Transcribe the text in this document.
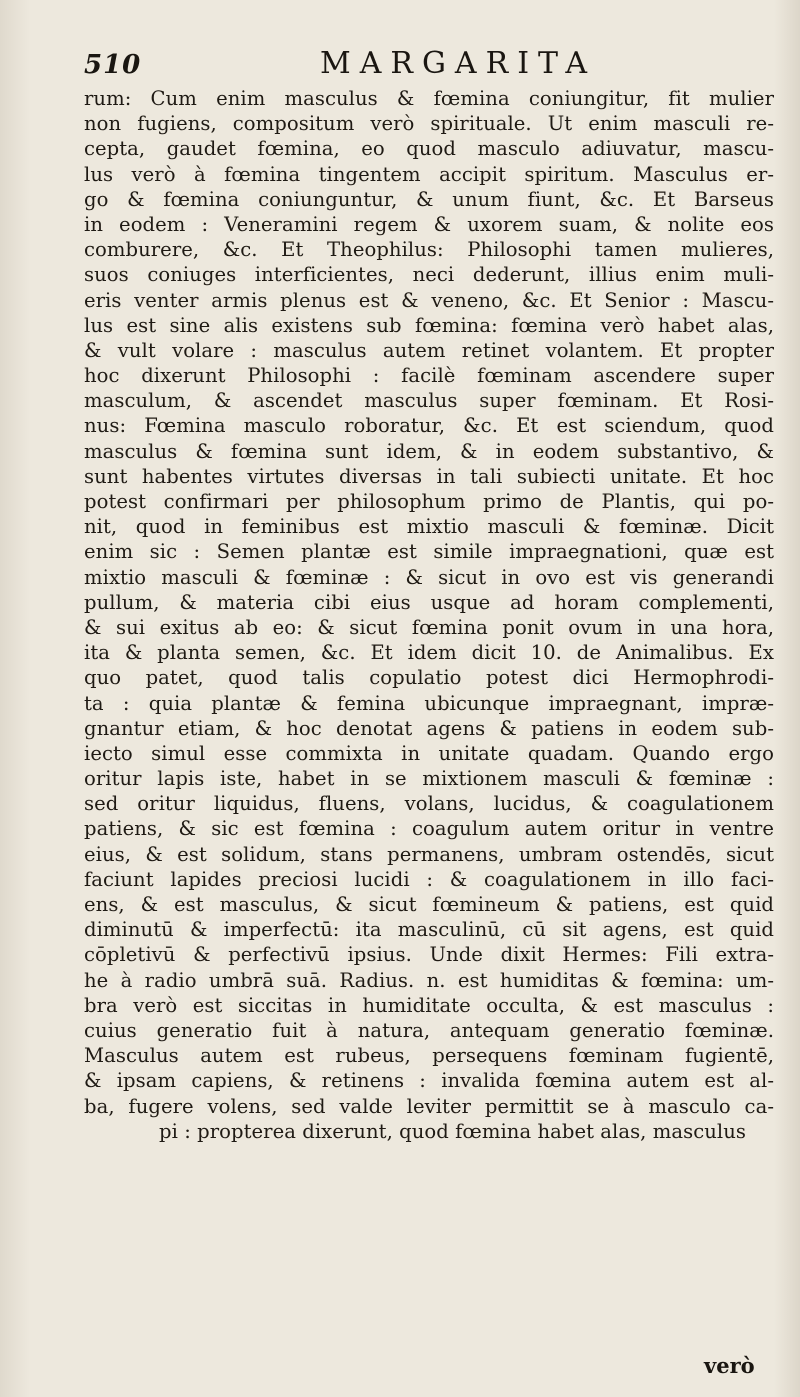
510	MARGARITA
rum: Cum enim masculus & fœmina coniungitur, fit mulier
non fugiens, compositum verò spirituale. Ut enim masculi re-
cepta, gaudet fœmina, eo quod masculo adiuvatur, mascu-
lus verò à fœmina tingentem accipit spiritum. Masculus er-
go & fœmina coniunguntur, & unum fiunt, &c. Et Barseus
in eodem : Veneramini regem & uxorem suam, & nolite eos
comburere, &c. Et Theophilus: Philosophi tamen mulieres,
suos coniuges interficientes, neci dederunt, illius enim muli-
eris venter armis plenus est & veneno, &c. Et Senior : Mascu-
lus est sine alis existens sub fœmina: fœmina verò habet alas,
& vult volare : masculus autem retinet volantem. Et propter
hoc dixerunt Philosophi : facilè fœminam ascendere super
masculum, & ascendet masculus super fœminam. Et Rosi-
nus: Fœmina masculo roboratur, &c. Et est sciendum, quod
masculus & fœmina sunt idem, & in eodem substantivo, &
sunt habentes virtutes diversas in tali subiecti unitate. Et hoc
potest confirmari per philosophum primo de Plantis, qui po-
nit, quod in feminibus est mixtio masculi & fœminæ. Dicit
enim sic : Semen plantæ est simile impraegnationi, quæ est
mixtio masculi & fœminæ : & sicut in ovo est vis generandi
pullum, & materia cibi eius usque ad horam complementi,
& sui exitus ab eo: & sicut fœmina ponit ovum in una hora,
ita & planta semen, &c. Et idem dicit 10. de Animalibus. Ex
quo patet, quod talis copulatio potest dici Hermophrodi-
ta : quia plantæ & femina ubicunque impraegnant, impræ-
gnantur etiam, & hoc denotat agens & patiens in eodem sub-
iecto simul esse commixta in unitate quadam. Quando ergo
oritur lapis iste, habet in se mixtionem masculi & fœminæ :
sed oritur liquidus, fluens, volans, lucidus, & coagulationem
patiens, & sic est fœmina : coagulum autem oritur in ventre
eius, & est solidum, stans permanens, umbram ostendēs, sicut
faciunt lapides preciosi lucidi : & coagulationem in illo faci-
ens, & est masculus, & sicut fœmineum & patiens, est quid
diminutū & imperfectū: ita masculinū, cū sit agens, est quid
cōpletivū & perfectivū ipsius. Unde dixit Hermes: Fili extra-
he à radio umbrā suā. Radius. n. est humiditas & fœmina: um-
bra verò est siccitas in humiditate occulta, & est masculus :
cuius generatio fuit à natura, antequam generatio fœminæ.
Masculus autem est rubeus, persequens fœminam fugientē,
& ipsam capiens, & retinens : invalida fœmina autem est al-
ba, fugere volens, sed valde leviter permittit se à masculo ca-
pi : propterea dixerunt, quod fœmina habet alas, masculus
verò
